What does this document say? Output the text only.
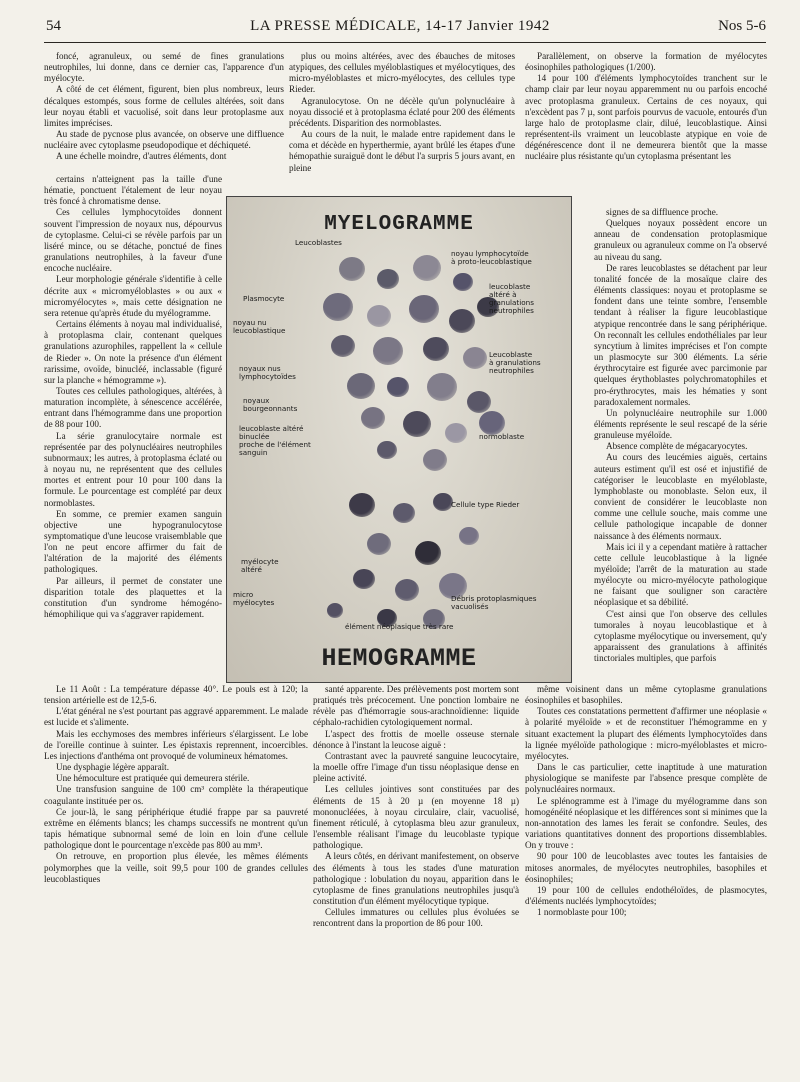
54	LA PRESSE MÉDICALE, 14-17 Janvier 1942	Nos 5-6

foncé, agranuleux, ou semé de fines granulations neutrophiles, lui donne, dans ce dernier cas, l'apparence d'un myélocyte.

A côté de cet élément, figurent, bien plus nombreux, leurs décalques estompés, sous forme de cellules altérées, soit dans leur noyau établi et vacuolisé, soit dans leur protoplasme aux limites imprécises.

Au stade de pycnose plus avancée, on observe une diffluence nucléaire avec cytoplasme pseudopodique et déchiqueté.

A une échelle moindre, d'autres éléments, dont

certains n'atteignent pas la taille d'une hématie, ponctuent l'étalement de leur noyau très foncé à chromatisme dense.

Ces cellules lymphocytoïdes donnent souvent l'impression de noyaux nus, dépourvus de cytoplasme. Celui-ci se révèle parfois par un liséré mince, ou se détache, ponctué de fines granulations neutrophiles, à la faveur d'une encoche nucléaire.

Leur morphologie générale s'identifie à celle décrite aux « micromyéloblastes » ou aux « micromyélocytes », mais cette désignation ne sera retenue qu'après étude du myélogramme.

Certains éléments à noyau mal individualisé, à protoplasma clair, contenant quelques granulations azurophiles, rappellent la « cellule de Rieder ». On note la présence d'un élément rarissime, ovoïde, binucléé, inclassable (figuré sur la planche « hémogramme »).

Toutes ces cellules pathologiques, altérées, à maturation incomplète, à sénescence accélérée, entrant dans l'hémogramme dans une proportion de 88 pour 100.

La série granulocytaire normale est représentée par des polynucléaires neutrophiles subnormaux; les autres, à protoplasma éclaté ou à noyau nu, ne représentent que des cellules mortes et entrent pour 10 pour 100 dans la formule. Le pourcentage est complété par deux normoblastes.

En somme, ce premier examen sanguin objective une hypogranulocytose symptomatique d'une leucose vraisemblable que l'on ne peut encore affirmer du fait de l'altération de la majorité des éléments pathologiques.

Par ailleurs, il permet de constater une disparition totale des plaquettes et la constitution d'un syndrome hémogéno-hémophilique qui va s'aggraver rapidement.

Le 11 Août : La température dépasse 40°. Le pouls est à 120; la tension artérielle est de 12,5-6.

L'état général ne s'est pourtant pas aggravé apparemment. Le malade est lucide et s'alimente.

Mais les ecchymoses des membres inférieurs s'élargissent. Le lobe de l'oreille continue à suinter. Les épistaxis reprennent, incoercibles. Les injections d'anthéma ont provoqué de volumineux hématomes.

Une dysphagie légère apparaît.

Une hémoculture est pratiquée qui demeurera stérile.

Une transfusion sanguine de 100 cm³ complète la thérapeutique coagulante instituée per os.

Ce jour-là, le sang périphérique étudié frappe par sa pauvreté extrême en éléments blancs; les champs successifs ne montrent qu'un tapis hématique subnormal semé de loin en loin d'une cellule pathologique dont le pourcentage n'excède pas 800 au mm³.

On retrouve, en proportion plus élevée, les mêmes éléments polymorphes que la veille, soit 99,5 pour 100 de grandes cellules leucoblastiques

plus ou moins altérées, avec des ébauches de mitoses atypiques, des cellules myéloblastiques et myélocytiques, des micro-myéloblastes et micro-myélocytes, des cellules type Rieder.

Agranulocytose. On ne décèle qu'un polynucléaire à noyau dissocié et à protoplasma éclaté pour 200 des éléments précédents. Disparition des normoblastes.

Au cours de la nuit, le malade entre rapidement dans le coma et décède en hyperthermie, ayant brûlé les étapes d'une hémopathie suraiguë dont le début l'a surpris 5 jours avant, en pleine

santé apparente. Des prélèvements post mortem sont pratiqués très précocement. Une ponction lombaire ne révèle pas d'hémorragie sous-arachnoïdienne: liquide céphalo-rachidien cytologiquement normal.

L'aspect des frottis de moelle osseuse sternale dénonce à l'instant la leucose aiguë :

Contrastant avec la pauvreté sanguine leucocytaire, la moelle offre l'image d'un tissu néoplasique dense en pleine activité.

Les cellules jointives sont constituées par des éléments de 15 à 20 µ (en moyenne 18 µ) mononucléées, à noyau circulaire, clair, vacuolisé, finement réticulé, à cytoplasma bleu azur granuleux, l'ensemble réalisant l'image du leucoblaste typique pathologique.

A leurs côtés, en dérivant manifestement, on observe des éléments à tous les stades d'une maturation pathologique : lobulation du noyau, apparition dans le cytoplasme de fines granulations neutrophiles jusqu'à constitution d'un élément myélocytique typique.

Cellules immatures ou cellules plus évoluées se rencontrent dans la proportion de 86 pour 100.

Parallèlement, on observe la formation de myélocytes éosinophiles pathologiques (1/200).

14 pour 100 d'éléments lymphocytoïdes tranchent sur le champ clair par leur noyau apparemment nu ou parfois encoché avec protoplasma granuleux. Certains de ces noyaux, qui n'excèdent pas 7 µ, sont parfois pourvus de vacuole, entourés d'un large halo de protoplasme clair, dilué, leucoblastique. Ainsi représentent-ils vraiment un leucoblaste atypique en voie de dégénérescence dont il ne demeurera bientôt que la masse nucléaire plus résistante qu'un cytoplasma présentant les

signes de sa diffluence proche.

Quelques noyaux possèdent encore un anneau de condensation protoplasmique granuleux ou agranuleux comme on l'a observé au niveau du sang.

De rares leucoblastes se détachent par leur tonalité foncée de la mosaïque claire des éléments classiques: noyau et protoplasme se fondent dans une teinte sombre, l'ensemble tendant à réaliser la figure leucoblastique atypique rencontrée dans le sang périphérique. On reconnaît les cellules endothéliales par leur syncytium à limites imprécises et l'on compte un plasmocyte sur 300 éléments. La série érythrocytaire est figurée avec parcimonie par quelques érythoblastes polychromatophiles et pro-érythrocytes, mais les hématies y sont paradoxalement normales.

Un polynucléaire neutrophile sur 1.000 éléments représente le seul rescapé de la série granuleuse myéloïde.

Absence complète de mégacaryocytes.

Au cours des leucémies aiguës, certains auteurs estiment qu'il est osé et injustifié de catégoriser le leucoblaste en myéloblaste, lymphoblaste ou monoblaste. Selon eux, il convient de considérer le leucoblaste non comme une cellule souche, mais comme une cellule pathologique incapable de donner naissance à des éléments normaux.

Mais ici il y a cependant matière à rattacher cette cellule leucoblastique à la lignée myéloïde; l'arrêt de la maturation au stade myélocyte ou micro-myélocyte pathologique ne faisant que souligner son caractère néoplasique et sa débilité.

C'est ainsi que l'on observe des cellules tumorales à noyau leucoblastique et à cytoplasme myélocytique ou inversement, qu'y apparaissent des granulations à affinités tinctoriales multiples, que parfois

même voisinent dans un même cytoplasme granulations éosinophiles et basophiles.

Toutes ces constatations permettent d'affirmer une néoplasie « à polarité myéloïde » et de reconstituer l'hémogramme en y situant exactement la plupart des éléments lymphocytoïdes dans la lignée myéloïde pathologique : micro-myéloblastes et micro-myélocytes.

Dans le cas particulier, cette inaptitude à une maturation physiologique se manifeste par l'absence presque complète de polynucléaires normaux.

Le splénogramme est à l'image du myélogramme dans son homogénéité néoplasique et les différences sont si minimes que la non-annotation des lames les ferait se confondre. Seules, des variations quantitatives donnent des proportions dissemblables. On y trouve :

90 pour 100 de leucoblastes avec toutes les fantaisies de mitoses anormales, de myélocytes neutrophiles, basophiles et éosinophiles;

19 pour 100 de cellules endothéloïdes, de plasmocytes, d'éléments nucléés lymphocytoïdes;

1 normoblaste pour 100;

MYELOGRAMME
HEMOGRAMME
Leucoblastes
noyau lymphocytoïde
à proto-leucoblastique
Plasmocyte
leucoblaste
altéré à
granulations
neutrophiles
noyau nu
leucoblastique
Leucoblaste
à granulations
neutrophiles
noyaux nus
lymphocytoïdes
noyaux
bourgeonnants
leucoblaste altéré
binuclée
proche de l'élément
sanguin
normoblaste
Cellule type Rieder
myélocyte
altéré
micro
myélocytes	Débris protoplasmiques
vacuolisés
élément néoplasique très rare
